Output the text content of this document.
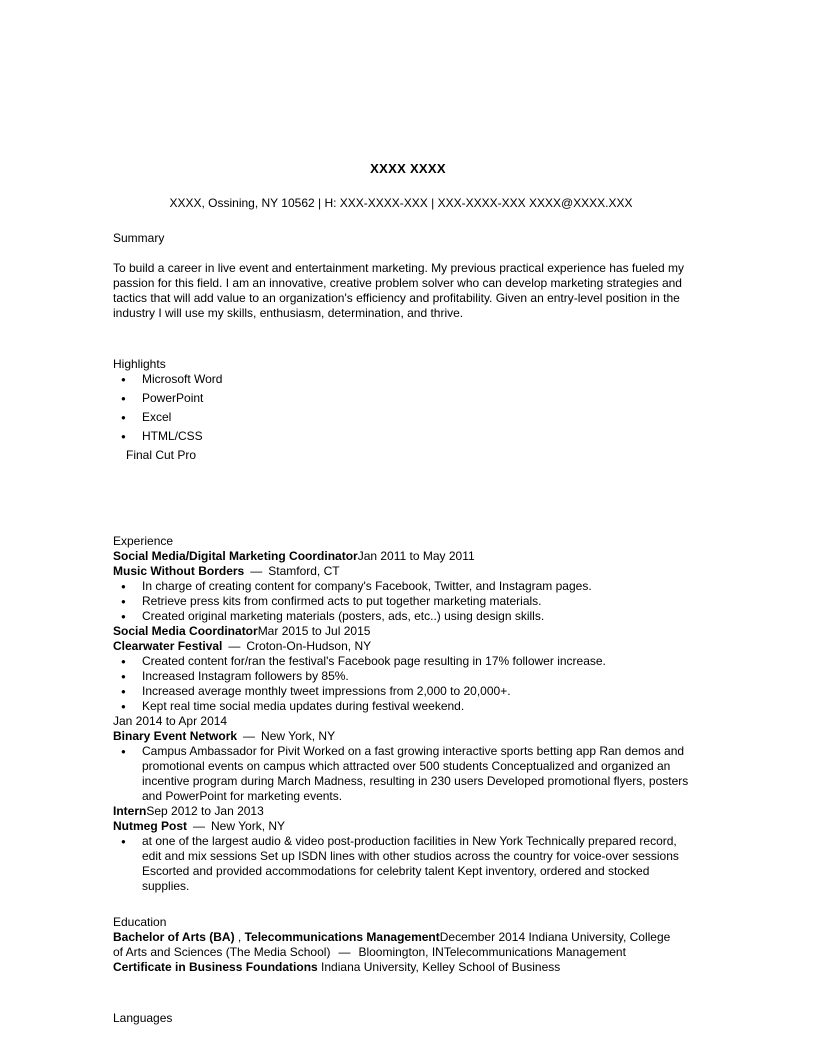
XXXX XXXX
XXXX, Ossining, NY 10562 | H: XXX-XXXX-XXX | XXX-XXXX-XXX XXXX@XXXX.XXX
Summary

To build a career in live event and entertainment marketing. My previous practical experience has fueled my passion for this field. I am an innovative, creative problem solver who can develop marketing strategies and tactics that will add value to an organization's efficiency and profitability. Given an entry-level position in the industry I will use my skills, enthusiasm, determination, and thrive.

Highlights
● Microsoft Word
● PowerPoint
● Excel
● HTML/CSS
Final Cut Pro
Experience
Social Media/Digital Marketing CoordinatorJan 2011 to May 2011
Music Without Borders — Stamford, CT
● In charge of creating content for company's Facebook, Twitter, and Instagram pages.
● Retrieve press kits from confirmed acts to put together marketing materials.
● Created original marketing materials (posters, ads, etc..) using design skills.
Social Media CoordinatorMar 2015 to Jul 2015
Clearwater Festival — Croton-On-Hudson, NY
● Created content for/ran the festival's Facebook page resulting in 17% follower increase.
● Increased Instagram followers by 85%.
● Increased average monthly tweet impressions from 2,000 to 20,000+.
● Kept real time social media updates during festival weekend.
Jan 2014 to Apr 2014
Binary Event Network — New York, NY
● Campus Ambassador for Pivit Worked on a fast growing interactive sports betting app Ran demos and promotional events on campus which attracted over 500 students Conceptualized and organized an incentive program during March Madness, resulting in 230 users Developed promotional flyers, posters and PowerPoint for marketing events.
InternSep 2012 to Jan 2013
Nutmeg Post — New York, NY
● at one of the largest audio & video post-production facilities in New York Technically prepared record, edit and mix sessions Set up ISDN lines with other studios across the country for voice-over sessions Escorted and provided accommodations for celebrity talent Kept inventory, ordered and stocked supplies.
Education
Bachelor of Arts (BA) , Telecommunications ManagementDecember 2014 Indiana University, College of Arts and Sciences (The Media School) — Bloomington, INTelecommunications Management
Certificate in Business Foundations Indiana University, Kelley School of Business
Languages
